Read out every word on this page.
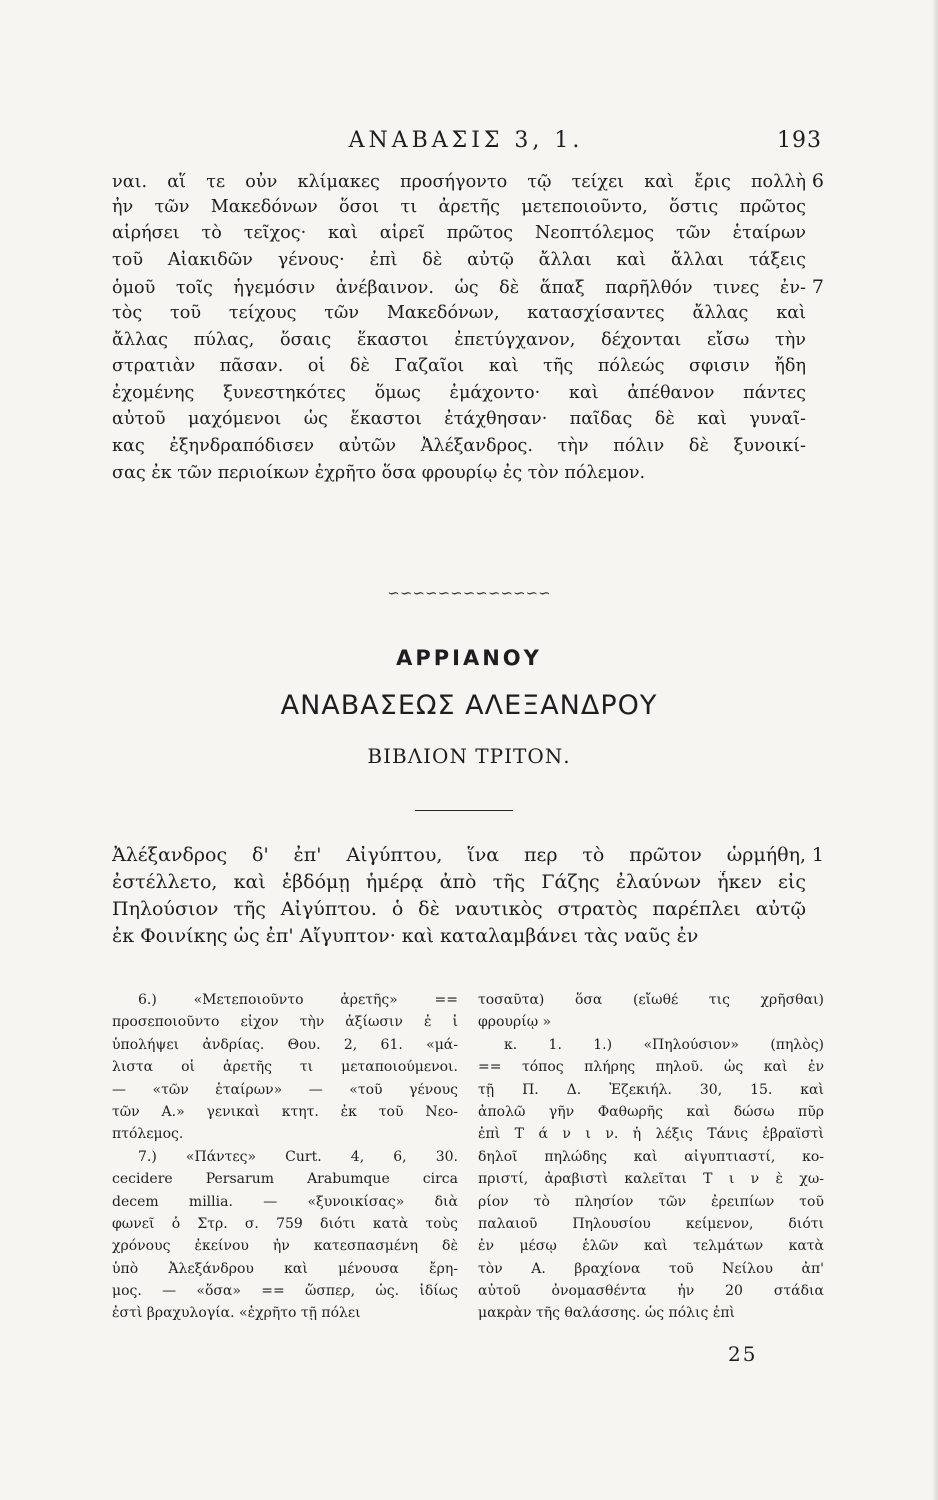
ΑΝΑΒΑΣΙΣ 3, 1.	193
ναι. αἵ τε οὖν κλίμακες προσήγοντο τῷ τείχει καὶ ἔρις πολλὴ 6
ἦν τῶν Μακεδόνων ὅσοι τι ἀρετῆς μετεποιοῦντο, ὅστις πρῶτος
αἱρήσει τὸ τεῖχος· καὶ αἱρεῖ πρῶτος Νεοπτόλεμος τῶν ἑταίρων
τοῦ Αἰακιδῶν γένους· ἐπὶ δὲ αὐτῷ ἄλλαι καὶ ἄλλαι τάξεις
ὁμοῦ τοῖς ἡγεμόσιν ἀνέβαινον. ὡς δὲ ἅπαξ παρῆλθόν τινες ἐν- 7
τὸς τοῦ τείχους τῶν Μακεδόνων, κατασχίσαντες ἄλλας καὶ
ἄλλας πύλας, ὅσαις ἕκαστοι ἐπετύγχανον, δέχονται εἴσω τὴν
στρατιὰν πᾶσαν. οἱ δὲ Γαζαῖοι καὶ τῆς πόλεώς σφισιν ἤδη
ἐχομένης ξυνεστηκότες ὅμως ἐμάχοντο· καὶ ἀπέθανον πάντες
αὐτοῦ μαχόμενοι ὡς ἕκαστοι ἐτάχθησαν· παῖδας δὲ καὶ γυναῖ-
κας ἐξηνδραπόδισεν αὐτῶν Ἀλέξανδρος. τὴν πόλιν δὲ ξυνοικί-
σας ἐκ τῶν περιοίκων ἐχρῆτο ὅσα φρουρίῳ ἐς τὸν πόλεμον.
∽∽∽∽∽∽∽∽∽∽∽∽∽
ΑΡΡΙΑΝΟΥ
ΑΝΑΒΑΣΕΩΣ ΑΛΕΞΑΝΔΡΟΥ
ΒΙΒΛΙΟΝ ΤΡΙΤΟΝ.
Ἀλέξανδρος δ' ἐπ' Αἰγύπτου, ἵνα περ τὸ πρῶτον ὡρμήθη, 1
ἐστέλλετο, καὶ ἑβδόμῃ ἡμέρᾳ ἀπὸ τῆς Γάζης ἐλαύνων ἧκεν εἰς
Πηλούσιον τῆς Αἰγύπτου. ὁ δὲ ναυτικὸς στρατὸς παρέπλει αὐτῷ
ἐκ Φοινίκης ὡς ἐπ' Αἴγυπτον· καὶ καταλαμβάνει τὰς ναῦς ἐν
6.) «Μετεποιοῦντο ἀρετῆς» ==
προσεποιοῦντο εἶχον τὴν ἀξίωσιν ἐ ἰ
ὑπολήψει ἀνδρίας. Θου. 2, 61. «μά-
λιστα οἱ ἀρετῆς τι μεταποιούμενοι.
— «τῶν ἑταίρων» — «τοῦ γένους
τῶν Α.» γενικαὶ κτητ. ἐκ τοῦ Νεο-
πτόλεμος.
7.) «Πάντες» Curt. 4, 6, 30.
cecidere Persarum Arabumque circa
decem millia. — «ξυνοικίσας» διὰ
φωνεῖ ὁ Στρ. σ. 759 διότι κατὰ τοὺς
χρόνους ἐκείνου ἦν κατεσπασμένη δὲ
ὑπὸ Ἀλεξάνδρου καὶ μένουσα ἔρη-
μος. — «ὅσα» == ὥσπερ, ὡς. ἰδίως
ἐστὶ βραχυλογία. «ἐχρῆτο τῇ πόλει
τοσαῦτα) ὅσα (εἴωθέ τις χρῆσθαι)
φρουρίῳ »
κ. 1. 1.) «Πηλούσιον» (πηλὸς)
== τόπος πλήρης πηλοῦ. ὡς καὶ ἐν
τῇ Π. Δ. Ἐζεκιήλ. 30, 15. καὶ
ἀπολῶ γῆν Φαθωρῆς καὶ δώσω πῦρ
ἐπὶ Τ ά ν ι ν. ἡ λέξις Τάνις ἑβραϊστὶ
δηλοῖ πηλώδης καὶ αἰγυπτιαστί, κο-
πριστί, ἀραβιστὶ καλεῖται Τ ι ν ὲ χω-
ρίον τὸ πλησίον τῶν ἐρειπίων τοῦ
παλαιοῦ Πηλουσίου κείμενον, διότι
ἐν μέσῳ ἑλῶν καὶ τελμάτων κατὰ
τὸν Α. βραχίονα τοῦ Νείλου ἀπ'
αὐτοῦ ὀνομασθέντα ἦν 20 στάδια
μακρὰν τῆς θαλάσσης. ὡς πόλις ἐπὶ
25
